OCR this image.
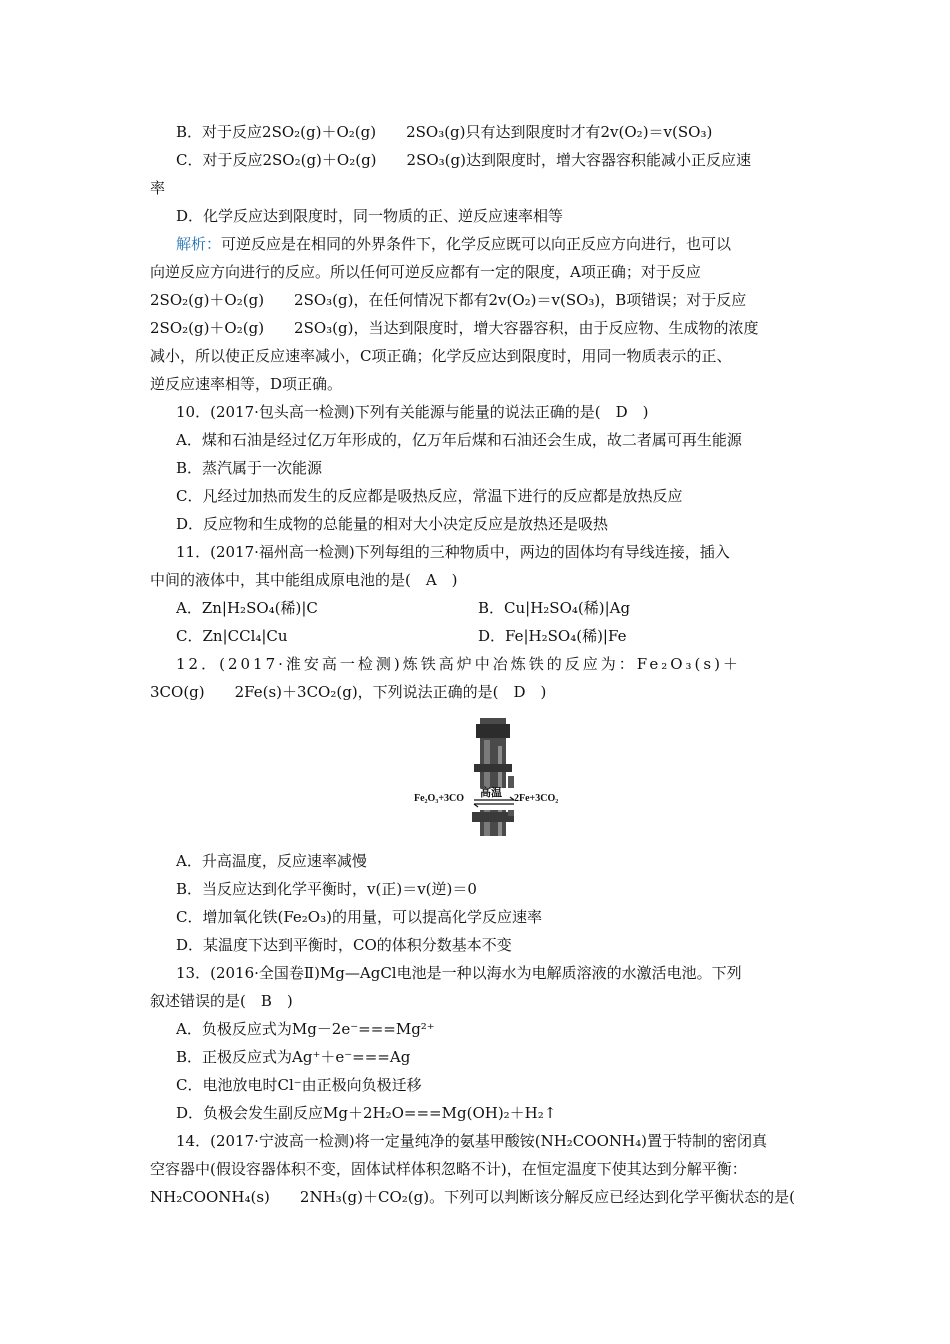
B．对于反应2SO₂(g)＋O₂(g)　　2SO₃(g)只有达到限度时才有2v(O₂)＝v(SO₃)
C．对于反应2SO₂(g)＋O₂(g)　　2SO₃(g)达到限度时，增大容器容积能减小正反应速
率
D．化学反应达到限度时，同一物质的正、逆反应速率相等
解析：可逆反应是在相同的外界条件下，化学反应既可以向正反应方向进行，也可以
向逆反应方向进行的反应。所以任何可逆反应都有一定的限度，A项正确；对于反应
2SO₂(g)＋O₂(g)　　2SO₃(g)，在任何情况下都有2v(O₂)＝v(SO₃)，B项错误；对于反应
2SO₂(g)＋O₂(g)　　2SO₃(g)，当达到限度时，增大容器容积，由于反应物、生成物的浓度
减小，所以使正反应速率减小，C项正确；化学反应达到限度时，用同一物质表示的正、
逆反应速率相等，D项正确。
10．(2017·包头高一检测)下列有关能源与能量的说法正确的是(　D　)
A．煤和石油是经过亿万年形成的，亿万年后煤和石油还会生成，故二者属可再生能源
B．蒸汽属于一次能源
C．凡经过加热而发生的反应都是吸热反应，常温下进行的反应都是放热反应
D．反应物和生成物的总能量的相对大小决定反应是放热还是吸热
11．(2017·福州高一检测)下列每组的三种物质中，两边的固体均有导线连接，插入
中间的液体中，其中能组成原电池的是(　A　)
A．Zn|H₂SO₄(稀)|C	B．Cu|H₂SO₄(稀)|Ag
C．Zn|CCl₄|Cu	D．Fe|H₂SO₄(稀)|Fe
12．(2017·淮安高一检测)炼铁高炉中冶炼铁的反应为：Fe₂O₃(s)＋
3CO(g)　　2Fe(s)＋3CO₂(g)，下列说法正确的是(　D　)
Fe₂O₃+3CO 高温 2Fe+3CO₂
A．升高温度，反应速率减慢
B．当反应达到化学平衡时，v(正)＝v(逆)＝0
C．增加氧化铁(Fe₂O₃)的用量，可以提高化学反应速率
D．某温度下达到平衡时，CO的体积分数基本不变
13．(2016·全国卷Ⅱ)Mg—AgCl电池是一种以海水为电解质溶液的水激活电池。下列
叙述错误的是(　B　)
A．负极反应式为Mg－2e⁻===Mg²⁺
B．正极反应式为Ag⁺＋e⁻===Ag
C．电池放电时Cl⁻由正极向负极迁移
D．负极会发生副反应Mg＋2H₂O===Mg(OH)₂＋H₂↑
14．(2017·宁波高一检测)将一定量纯净的氨基甲酸铵(NH₂COONH₄)置于特制的密闭真
空容器中(假设容器体积不变，固体试样体积忽略不计)，在恒定温度下使其达到分解平衡：
NH₂COONH₄(s)　　2NH₃(g)＋CO₂(g)。下列可以判断该分解反应已经达到化学平衡状态的是(
